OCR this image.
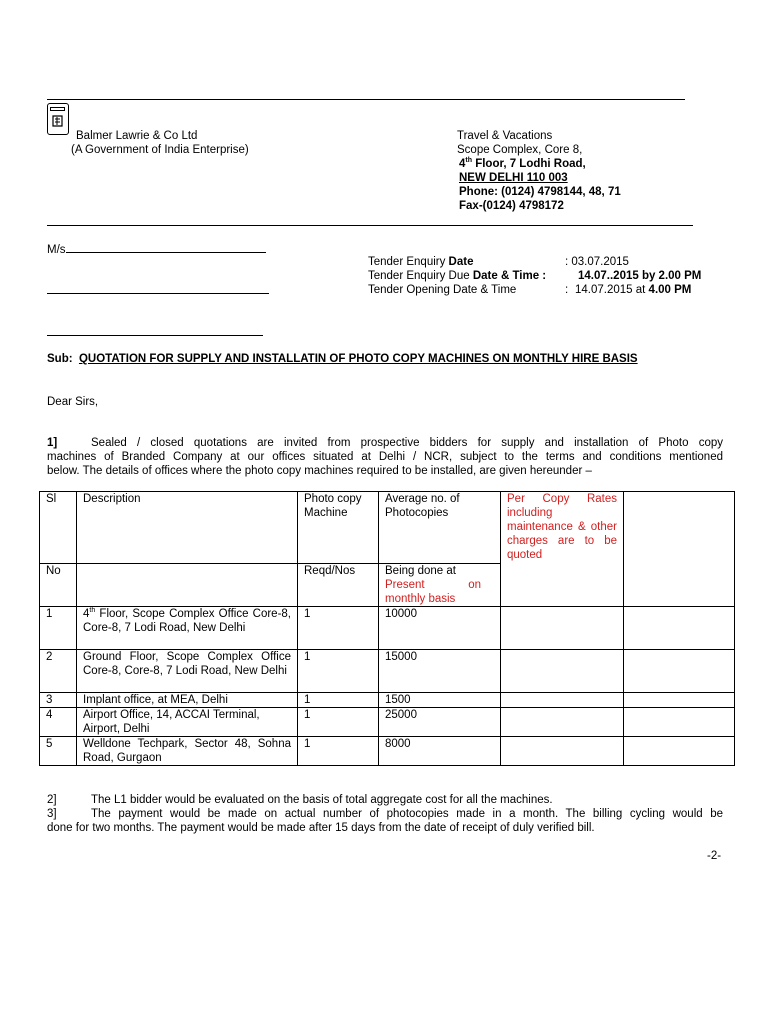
Balmer Lawrie & Co Ltd
(A Government of India Enterprise)
Travel & Vacations
Scope Complex, Core 8,
4th Floor, 7 Lodhi Road,
NEW DELHI 110 003
Phone: (0124) 4798144, 48, 71
Fax-(0124) 4798172
M/s
Tender Enquiry Date	: 03.07.2015
Tender Enquiry Due Date & Time :	14.07..2015 by 2.00 PM
Tender Opening Date & Time	: 14.07.2015 at 4.00 PM
Sub: QUOTATION FOR SUPPLY AND INSTALLATIN OF PHOTO COPY MACHINES ON MONTHLY HIRE BASIS
Dear Sirs,
1]	Sealed / closed quotations are invited from prospective bidders for supply and installation of Photo copy
machines of Branded Company at our offices situated at Delhi / NCR, subject to the terms and conditions mentioned
below. The details of offices where the photo copy machines required to be installed, are given hereunder –
Sl	Description	Photo copy Machine	Average no. of Photocopies	Per Copy Rates including maintenance & other charges are to be quoted	
No		Reqd/Nos	Being done at
Present on monthly basis		

1	4th Floor, Scope Complex Office Core-8, Core-8, 7 Lodi Road, New Delhi	1	10000		
2	Ground Floor, Scope Complex Office Core-8, Core-8, 7 Lodi Road, New Delhi	1	15000		
3	Implant office, at MEA, Delhi	1	1500		
4	Airport Office, 14, ACCAI Terminal, Airport, Delhi	1	25000		
5	Welldone Techpark, Sector 48, Sohna Road, Gurgaon	1	8000		
2]	The L1 bidder would be evaluated on the basis of total aggregate cost for all the machines.
3]	The payment would be made on actual number of photocopies made in a month. The billing cycling would be
done for two months. The payment would be made after 15 days from the date of receipt of duly verified bill.
-2-
